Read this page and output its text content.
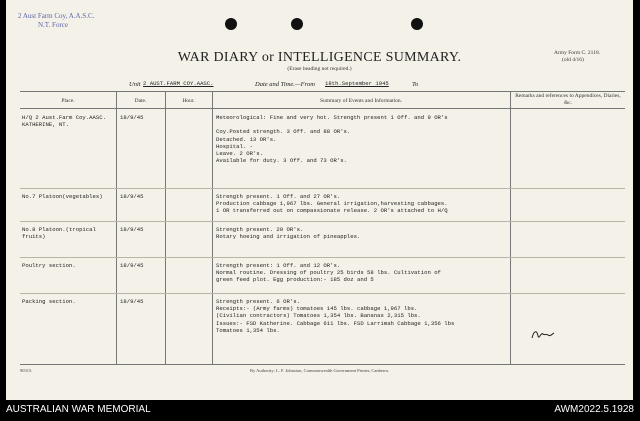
2 Aust Farm Coy, A.A.S.C.
N.T. Force
WAR DIARY or INTELLIGENCE SUMMARY.
(Erase heading not required.)
Army Form C. 2118.
(old 4/16)
Unit 2 AUST.FARM COY.AASC.	Date and Time.—From 18th.September 1945	To
Place.	Date.	Hour.	Summary of Events and Information.
Remarks and references to Appendices, Diaries, &c.
H/Q 2 Aust.Farm Coy.AASC.
KATHERINE, NT.
18/9/45	Meteorological: Fine and very hot. Strength present 1 Off. and 9 OR's
Coy.Posted strength. 3 Off. and 88 OR's.
Detached. 13 OR's.
Hospital. -
Leave. 2 OR's.
Available for duty. 3 Off. and 73 OR's.
No.7 Platoon(vegetables)	18/9/45	Strength present. 1 Off. and 27 OR's.
Production cabbage 1,967 lbs. General irrigation,harvesting cabbages.
1 OR transferred out on compassionate release. 2 OR's attached to H/Q
No.8 Platoon.(tropical
fruits)
18/9/45	Strength present. 20 OR's.
Rotary hoeing and irrigation of pineapples.
Poultry section.	18/9/45	Strength present: 1 Off. and 12 OR's.
Normal routine. Dressing of poultry 25 birds 58 lbs. Cultivation of
green feed plot. Egg production:- 185 doz and 5
Packing section.	18/9/45	Strength present. 6 OR's.
Receipts:- (Army farms) tomatoes 145 lbs. cabbage 1,967 lbs.
(Civilian contractors) Tomatoes 1,354 lbs. Bananas 2,315 lbs.
Issues:- FSD Katherine. Cabbage 611 lbs. FSD Larrimah Cabbage 1,356 lbs
Tomatoes 1,354 lbs.
90315.	By Authority: L. F. Johnston, Commonwealth Government Printer, Canberra.
AUSTRALIAN WAR MEMORIAL	AWM2022.5.1928
